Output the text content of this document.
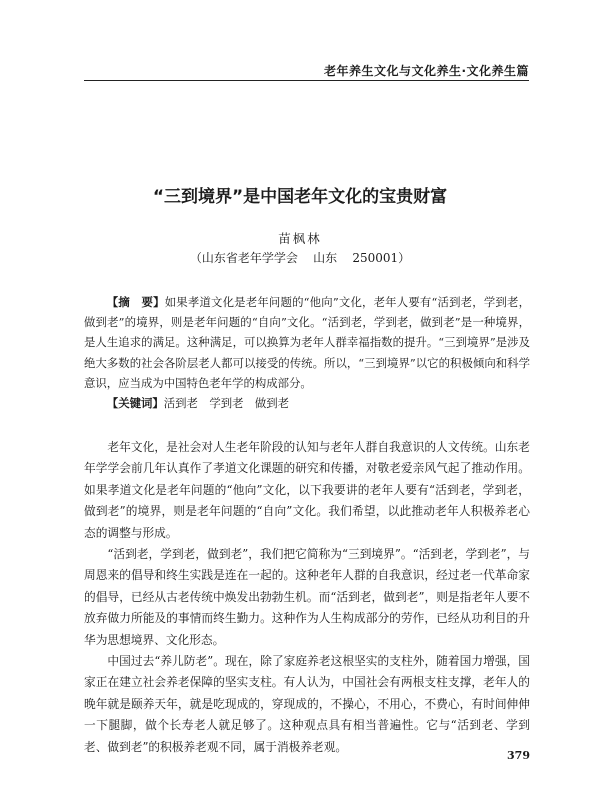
老年养生文化与文化养生·文化养生篇
“三到境界”是中国老年文化的宝贵财富
苗枫林
（山东省老年学学会    山东    250001）

【摘　要】如果孝道文化是老年问题的“他向”文化，老年人要有“活到老，学到老，做到老”的境界，则是老年问题的“自向”文化。“活到老，学到老，做到老”是一种境界，是人生追求的满足。这种满足，可以换算为老年人群幸福指数的提升。“三到境界”是涉及绝大多数的社会各阶层老人都可以接受的传统。所以，“三到境界”以它的积极倾向和科学意识，应当成为中国特色老年学的构成部分。

【关键词】活到老　学到老　做到老

老年文化，是社会对人生老年阶段的认知与老年人群自我意识的人文传统。山东老年学学会前几年认真作了孝道文化课题的研究和传播，对敬老爱亲风气起了推动作用。如果孝道文化是老年问题的“他向”文化，以下我要讲的老年人要有“活到老，学到老，做到老”的境界，则是老年问题的“自向”文化。我们希望，以此推动老年人积极养老心态的调整与形成。

“活到老，学到老，做到老”，我们把它简称为“三到境界”。“活到老，学到老”，与周恩来的倡导和终生实践是连在一起的。这种老年人群的自我意识，经过老一代革命家的倡导，已经从古老传统中焕发出勃勃生机。而“活到老，做到老”，则是指老年人要不放弃做力所能及的事情而终生勤力。这种作为人生构成部分的劳作，已经从功利目的升华为思想境界、文化形态。

中国过去“养儿防老”。现在，除了家庭养老这根坚实的支柱外，随着国力增强，国家正在建立社会养老保障的坚实支柱。有人认为，中国社会有两根支柱支撑，老年人的晚年就是颐养天年，就是吃现成的，穿现成的，不操心，不用心，不费心，有时间伸伸一下腿脚，做个长寿老人就足够了。这种观点具有相当普遍性。它与“活到老、学到老、做到老”的积极养老观不同，属于消极养老观。

379
